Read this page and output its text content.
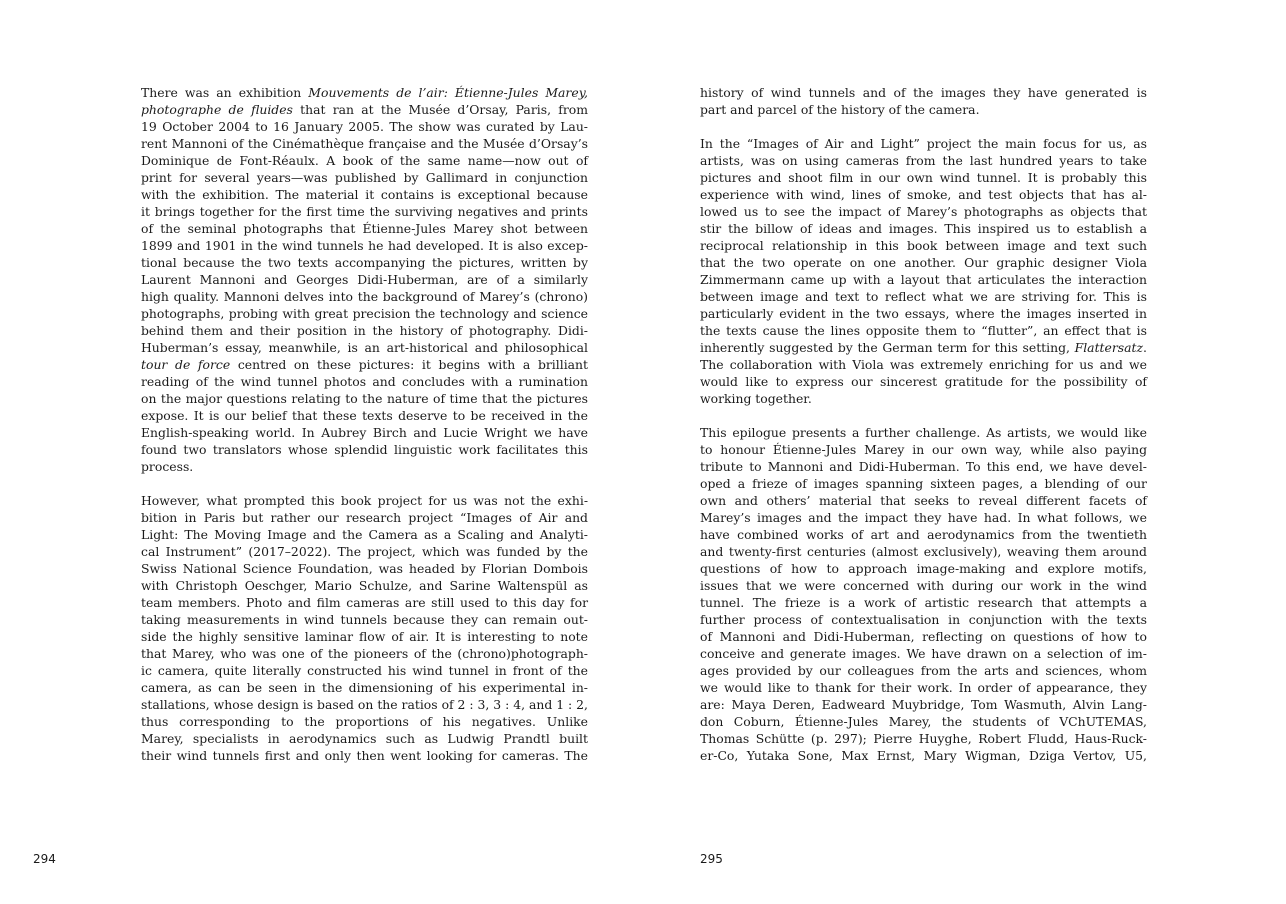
There was an exhibition Mouvements de l’air: Étienne-Jules Marey,
photographe de fluides that ran at the Musée d’Orsay, Paris, from
19 October 2004 to 16 January 2005. The show was curated by Lau-
rent Mannoni of the Cinémathèque française and the Musée d’Orsay’s
Dominique de Font-Réaulx. A book of the same name—now out of
print for several years—was published by Gallimard in conjunction
with the exhibition. The material it contains is exceptional because
it brings together for the first time the surviving negatives and prints
of the seminal photographs that Étienne-Jules Marey shot between
1899 and 1901 in the wind tunnels he had developed. It is also excep-
tional because the two texts accompanying the pictures, written by
Laurent Mannoni and Georges Didi-Huberman, are of a similarly
high quality. Mannoni delves into the background of Marey’s (chrono)
photographs, probing with great precision the technology and science
behind them and their position in the history of photography. Didi-
Huberman’s essay, meanwhile, is an art-historical and philosophical
tour de force centred on these pictures: it begins with a brilliant
reading of the wind tunnel photos and concludes with a rumination
on the major questions relating to the nature of time that the pictures
expose. It is our belief that these texts deserve to be received in the
English-speaking world. In Aubrey Birch and Lucie Wright we have
found two translators whose splendid linguistic work facilitates this
process.
However, what prompted this book project for us was not the exhi-
bition in Paris but rather our research project “Images of Air and
Light: The Moving Image and the Camera as a Scaling and Analyti-
cal Instrument” (2017–2022). The project, which was funded by the
Swiss National Science Foundation, was headed by Florian Dombois
with Christoph Oeschger, Mario Schulze, and Sarine Waltenspül as
team members. Photo and film cameras are still used to this day for
taking measurements in wind tunnels because they can remain out-
side the highly sensitive laminar flow of air. It is interesting to note
that Marey, who was one of the pioneers of the (chrono)photograph-
ic camera, quite literally constructed his wind tunnel in front of the
camera, as can be seen in the dimensioning of his experimental in-
stallations, whose design is based on the ratios of 2 : 3, 3 : 4, and 1 : 2,
thus corresponding to the proportions of his negatives. Unlike
Marey, specialists in aerodynamics such as Ludwig Prandtl built
their wind tunnels first and only then went looking for cameras. The
294
history of wind tunnels and of the images they have generated is
part and parcel of the history of the camera.
In the “Images of Air and Light” project the main focus for us, as
artists, was on using cameras from the last hundred years to take
pictures and shoot film in our own wind tunnel. It is probably this
experience with wind, lines of smoke, and test objects that has al-
lowed us to see the impact of Marey’s photographs as objects that
stir the billow of ideas and images. This inspired us to establish a
reciprocal relationship in this book between image and text such
that the two operate on one another. Our graphic designer Viola
Zimmermann came up with a layout that articulates the interaction
between image and text to reflect what we are striving for. This is
particularly evident in the two essays, where the images inserted in
the texts cause the lines opposite them to “flutter”, an effect that is
inherently suggested by the German term for this setting, Flattersatz.
The collaboration with Viola was extremely enriching for us and we
would like to express our sincerest gratitude for the possibility of
working together.
This epilogue presents a further challenge. As artists, we would like
to honour Étienne-Jules Marey in our own way, while also paying
tribute to Mannoni and Didi-Huberman. To this end, we have devel-
oped a frieze of images spanning sixteen pages, a blending of our
own and others’ material that seeks to reveal different facets of
Marey’s images and the impact they have had. In what follows, we
have combined works of art and aerodynamics from the twentieth
and twenty-first centuries (almost exclusively), weaving them around
questions of how to approach image-making and explore motifs,
issues that we were concerned with during our work in the wind
tunnel. The frieze is a work of artistic research that attempts a
further process of contextualisation in conjunction with the texts
of Mannoni and Didi-Huberman, reflecting on questions of how to
conceive and generate images. We have drawn on a selection of im-
ages provided by our colleagues from the arts and sciences, whom
we would like to thank for their work. In order of appearance, they
are: Maya Deren, Eadweard Muybridge, Tom Wasmuth, Alvin Lang-
don Coburn, Étienne-Jules Marey, the students of VChUTEMAS,
Thomas Schütte (p. 297); Pierre Huyghe, Robert Fludd, Haus-Ruck-
er-Co, Yutaka Sone, Max Ernst, Mary Wigman, Dziga Vertov, U5,
295
